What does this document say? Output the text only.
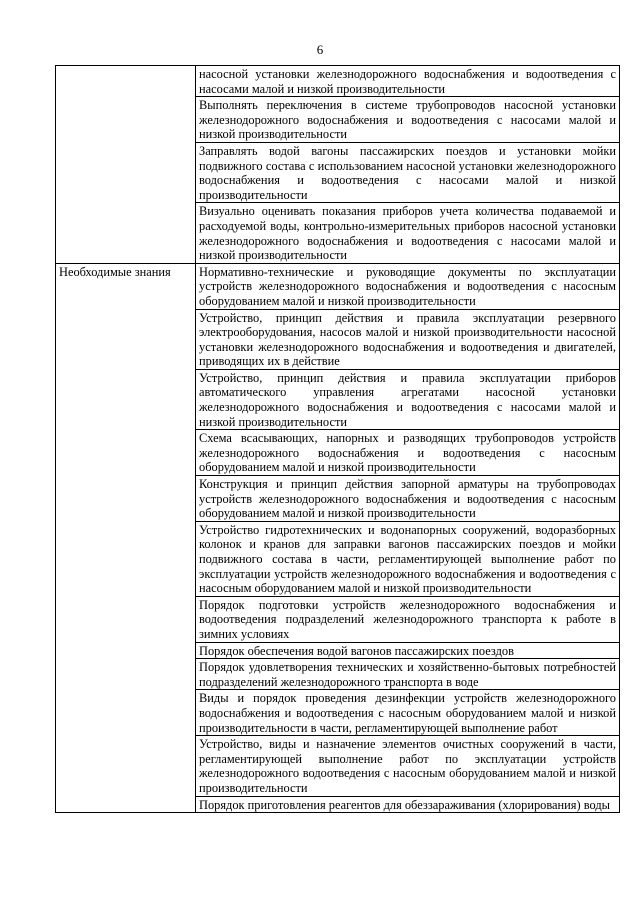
6
	насосной установки железнодорожного водоснабжения и водоотведения с насосами малой и низкой производительности
	Выполнять переключения в системе трубопроводов насосной установки железнодорожного водоснабжения и водоотведения с насосами малой и низкой производительности
	Заправлять водой вагоны пассажирских поездов и установки мойки подвижного состава с использованием насосной установки железнодорожного водоснабжения и водоотведения с насосами малой и низкой производительности
	Визуально оценивать показания приборов учета количества подаваемой и расходуемой воды, контрольно-измерительных приборов насосной установки железнодорожного водоснабжения и водоотведения с насосами малой и низкой производительности
Необходимые знания	Нормативно-технические и руководящие документы по эксплуатации устройств железнодорожного водоснабжения и водоотведения с насосным оборудованием малой и низкой производительности
	Устройство, принцип действия и правила эксплуатации резервного электрооборудования, насосов малой и низкой производительности насосной установки железнодорожного водоснабжения и водоотведения и двигателей, приводящих их в действие
	Устройство, принцип действия и правила эксплуатации приборов автоматического управления агрегатами насосной установки железнодорожного водоснабжения и водоотведения с насосами малой и низкой производительности
	Схема всасывающих, напорных и разводящих трубопроводов устройств железнодорожного водоснабжения и водоотведения с насосным оборудованием малой и низкой производительности
	Конструкция и принцип действия запорной арматуры на трубопроводах устройств железнодорожного водоснабжения и водоотведения с насосным оборудованием малой и низкой производительности
	Устройство гидротехнических и водонапорных сооружений, водоразборных колонок и кранов для заправки вагонов пассажирских поездов и мойки подвижного состава в части, регламентирующей выполнение работ по эксплуатации устройств железнодорожного водоснабжения и водоотведения с насосным оборудованием малой и низкой производительности
	Порядок подготовки устройств железнодорожного водоснабжения и водоотведения подразделений железнодорожного транспорта к работе в зимних условиях
	Порядок обеспечения водой вагонов пассажирских поездов
	Порядок удовлетворения технических и хозяйственно-бытовых потребностей подразделений железнодорожного транспорта в воде
	Виды и порядок проведения дезинфекции устройств железнодорожного водоснабжения и водоотведения с насосным оборудованием малой и низкой производительности в части, регламентирующей выполнение работ
	Устройство, виды и назначение элементов очистных сооружений в части, регламентирующей выполнение работ по эксплуатации устройств железнодорожного водоотведения с насосным оборудованием малой и низкой производительности
	Порядок приготовления реагентов для обеззараживания (хлорирования) воды
